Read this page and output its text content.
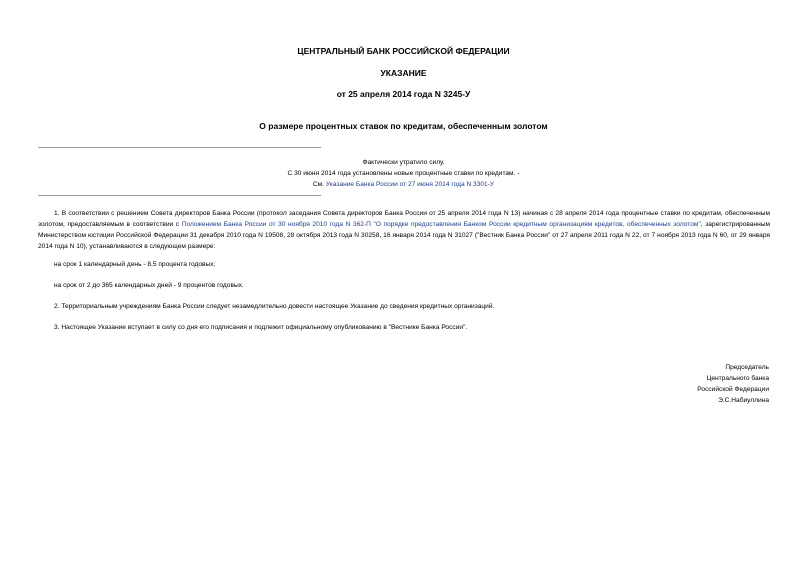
ЦЕНТРАЛЬНЫЙ БАНК РОССИЙСКОЙ ФЕДЕРАЦИИ
УКАЗАНИЕ
от 25 апреля 2014 года N 3245-У
О размере процентных ставок по кредитам, обеспеченным золотом
Фактически утратило силу.
С 30 июня 2014 года установлены новые процентные ставки по кредитам. -
См. Указание Банка России от 27 июня 2014 года N 3301-У
1. В соответствии с решением Совета директоров Банка России (протокол заседания Совета директоров Банка России от 25 апреля 2014 года N 13) начиная с 28 апреля 2014 года процентные ставки по кредитам, обеспеченным золотом, предоставляемым в соответствии с Положением Банка России от 30 ноября 2010 года N 362-П "О порядке предоставления Банком России кредитным организациям кредитов, обеспеченных золотом", зарегистрированным Министерством юстиции Российской Федерации 31 декабря 2010 года N 19508, 28 октября 2013 года N 30258, 16 января 2014 года N 31027 ("Вестник Банка России" от 27 апреля 2011 года N 22, от 7 ноября 2013 года N 60, от 29 января 2014 года N 10), устанавливаются в следующем размере:
на срок 1 календарный день - 8,5 процента годовых;
на срок от 2 до 365 календарных дней - 9 процентов годовых.
2. Территориальным учреждениям Банка России следует незамедлительно довести настоящее Указание до сведения кредитных организаций.
3. Настоящее Указание вступает в силу со дня его подписания и подлежит официальному опубликованию в "Вестнике Банка России".
Председатель
Центрального банка
Российской Федерации
Э.С.Набиуллина
